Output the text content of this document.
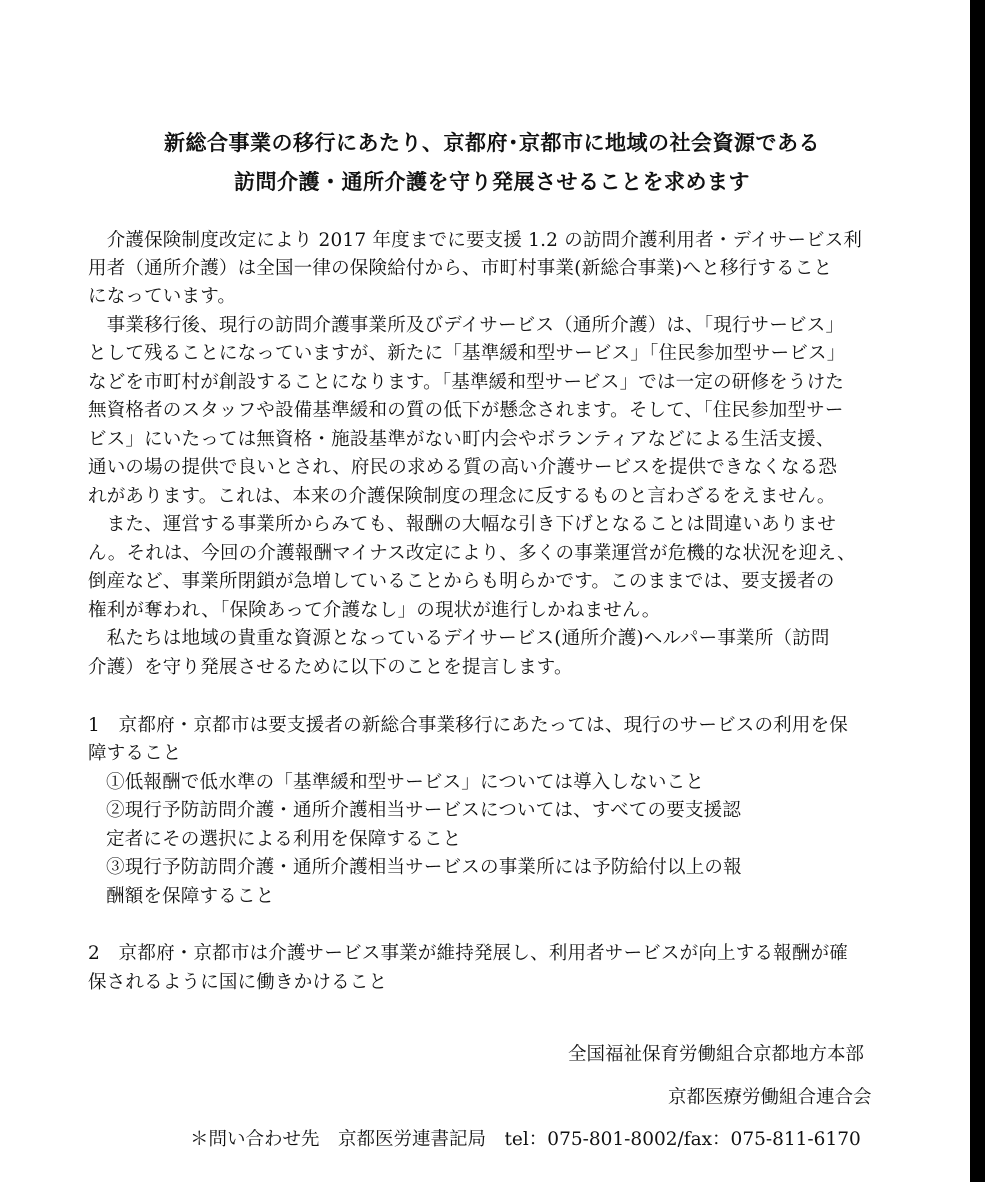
新総合事業の移行にあたり、京都府･京都市に地域の社会資源である
訪問介護・通所介護を守り発展させることを求めます
　介護保険制度改定により 2017 年度までに要支援 1.2 の訪問介護利用者・デイサービス利
用者（通所介護）は全国一律の保険給付から、市町村事業(新総合事業)へと移行すること
になっています。
　事業移行後、現行の訪問介護事業所及びデイサービス（通所介護）は、「現行サービス」
として残ることになっていますが、新たに「基準緩和型サービス」「住民参加型サービス」
などを市町村が創設することになります。「基準緩和型サービス」では一定の研修をうけた
無資格者のスタッフや設備基準緩和の質の低下が懸念されます。そして、「住民参加型サー
ビス」にいたっては無資格・施設基準がない町内会やボランティアなどによる生活支援、
通いの場の提供で良いとされ、府民の求める質の高い介護サービスを提供できなくなる恐
れがあります。これは、本来の介護保険制度の理念に反するものと言わざるをえません。
　また、運営する事業所からみても、報酬の大幅な引き下げとなることは間違いありませ
ん。それは、今回の介護報酬マイナス改定により、多くの事業運営が危機的な状況を迎え、
倒産など、事業所閉鎖が急増していることからも明らかです。このままでは、要支援者の
権利が奪われ、「保険あって介護なし」の現状が進行しかねません。
　私たちは地域の貴重な資源となっているデイサービス(通所介護)ヘルパー事業所（訪問
介護）を守り発展させるために以下のことを提言します。
1　京都府・京都市は要支援者の新総合事業移行にあたっては、現行のサービスの利用を保
障すること
①低報酬で低水準の「基準緩和型サービス」については導入しないこと
②現行予防訪問介護・通所介護相当サービスについては、すべての要支援認
定者にその選択による利用を保障すること
③現行予防訪問介護・通所介護相当サービスの事業所には予防給付以上の報
酬額を保障すること
2　京都府・京都市は介護サービス事業が維持発展し、利用者サービスが向上する報酬が確
保されるように国に働きかけること
全国福祉保育労働組合京都地方本部
京都医療労働組合連合会
＊問い合わせ先　京都医労連書記局　tel：075-801-8002/fax：075-811-6170
